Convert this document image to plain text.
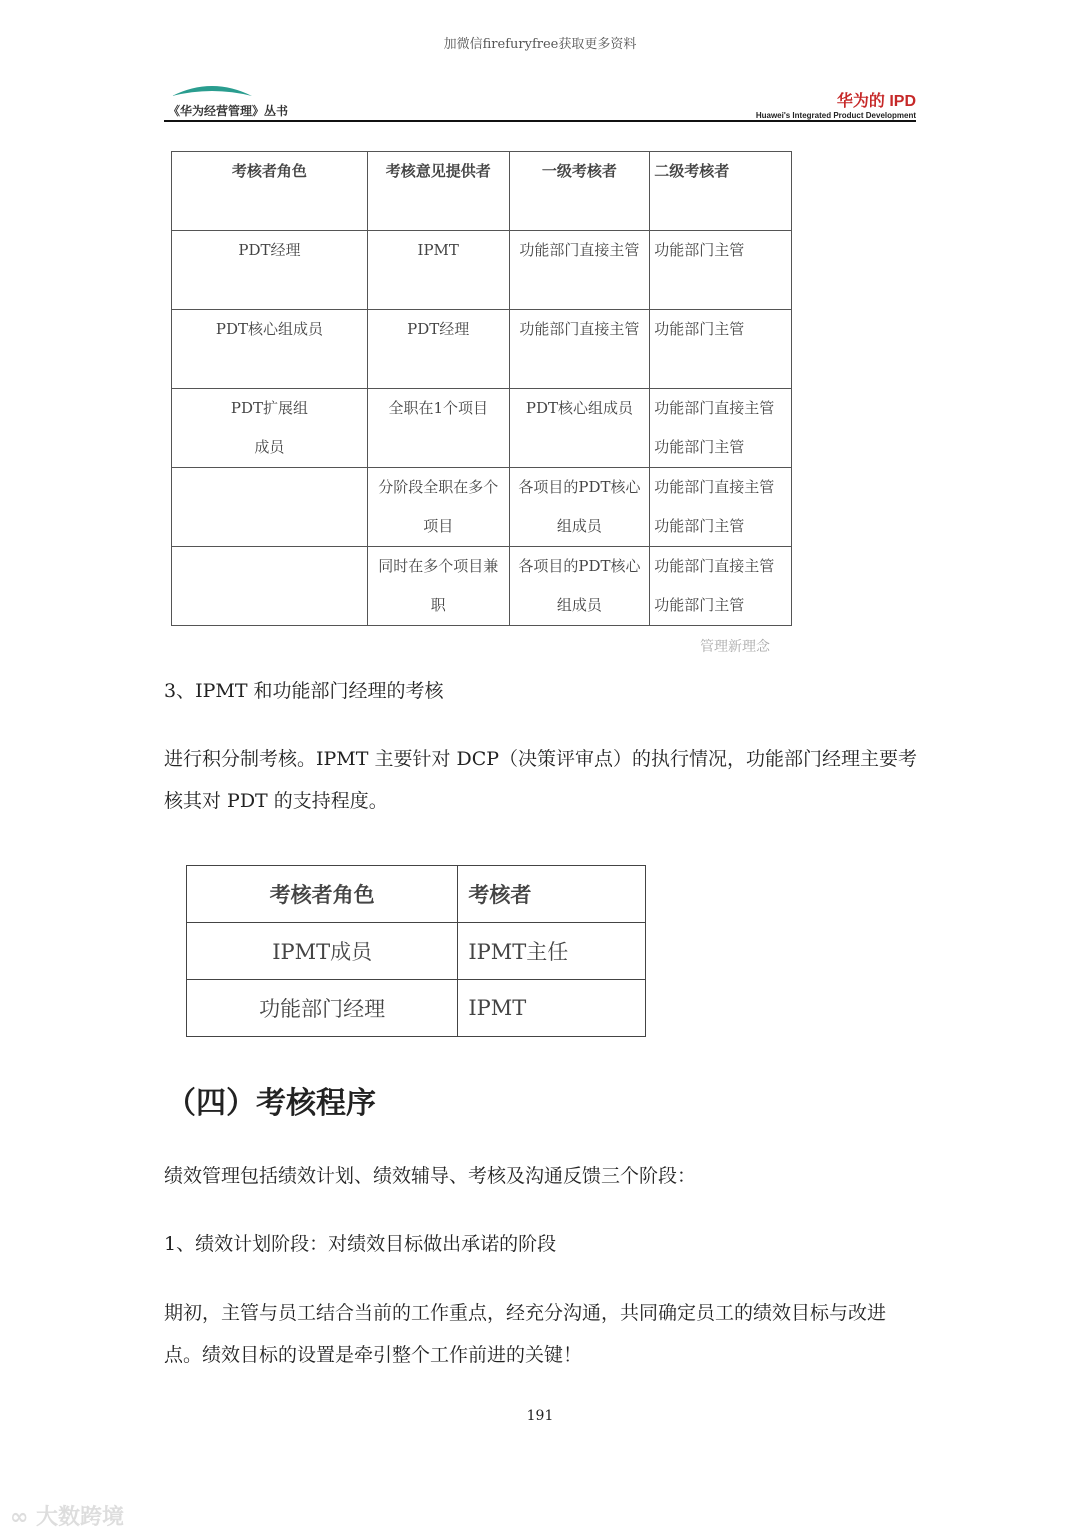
加微信firefuryfree获取更多资料
《华为经营管理》丛书
华为的 IPD
Huawei's Integrated Product Development
考核者角色	考核意见提供者	一级考核者	二级考核者
PDT经理	IPMT	功能部门直接主管	功能部门主管
PDT核心组成员	PDT经理	功能部门直接主管	功能部门主管
PDT扩展组成员	全职在1个项目	PDT核心组成员	功能部门直接主管功能部门主管
	分阶段全职在多个项目	各项目的PDT核心组成员	功能部门直接主管功能部门主管
	同时在多个项目兼职	各项目的PDT核心组成员	功能部门直接主管功能部门主管
管理新理念
3、IPMT 和功能部门经理的考核
进行积分制考核。IPMT 主要针对 DCP（决策评审点）的执行情况，功能部门经理主要考核其对 PDT 的支持程度。
考核者角色	考核者
IPMT成员	IPMT主任
功能部门经理	IPMT
（四）考核程序
绩效管理包括绩效计划、绩效辅导、考核及沟通反馈三个阶段：
1、绩效计划阶段：对绩效目标做出承诺的阶段
期初，主管与员工结合当前的工作重点，经充分沟通，共同确定员工的绩效目标与改进点。绩效目标的设置是牵引整个工作前进的关键！
191
∞ 大数跨境
